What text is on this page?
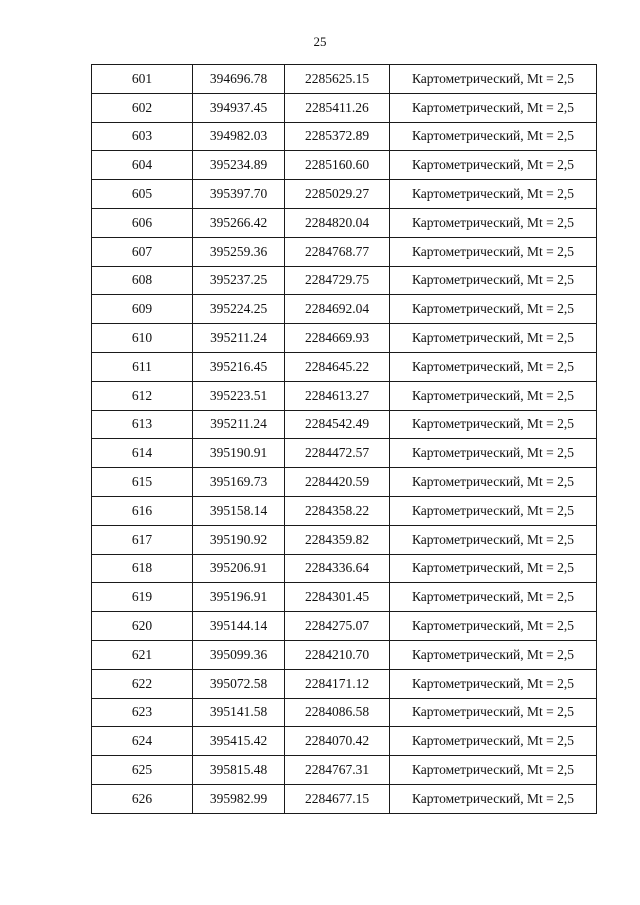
25
601	394696.78	2285625.15	Картометрический, Mt = 2,5
602	394937.45	2285411.26	Картометрический, Mt = 2,5
603	394982.03	2285372.89	Картометрический, Mt = 2,5
604	395234.89	2285160.60	Картометрический, Mt = 2,5
605	395397.70	2285029.27	Картометрический, Mt = 2,5
606	395266.42	2284820.04	Картометрический, Mt = 2,5
607	395259.36	2284768.77	Картометрический, Mt = 2,5
608	395237.25	2284729.75	Картометрический, Mt = 2,5
609	395224.25	2284692.04	Картометрический, Mt = 2,5
610	395211.24	2284669.93	Картометрический, Mt = 2,5
611	395216.45	2284645.22	Картометрический, Mt = 2,5
612	395223.51	2284613.27	Картометрический, Mt = 2,5
613	395211.24	2284542.49	Картометрический, Mt = 2,5
614	395190.91	2284472.57	Картометрический, Mt = 2,5
615	395169.73	2284420.59	Картометрический, Mt = 2,5
616	395158.14	2284358.22	Картометрический, Mt = 2,5
617	395190.92	2284359.82	Картометрический, Mt = 2,5
618	395206.91	2284336.64	Картометрический, Mt = 2,5
619	395196.91	2284301.45	Картометрический, Mt = 2,5
620	395144.14	2284275.07	Картометрический, Mt = 2,5
621	395099.36	2284210.70	Картометрический, Mt = 2,5
622	395072.58	2284171.12	Картометрический, Mt = 2,5
623	395141.58	2284086.58	Картометрический, Mt = 2,5
624	395415.42	2284070.42	Картометрический, Mt = 2,5
625	395815.48	2284767.31	Картометрический, Mt = 2,5
626	395982.99	2284677.15	Картометрический, Mt = 2,5
